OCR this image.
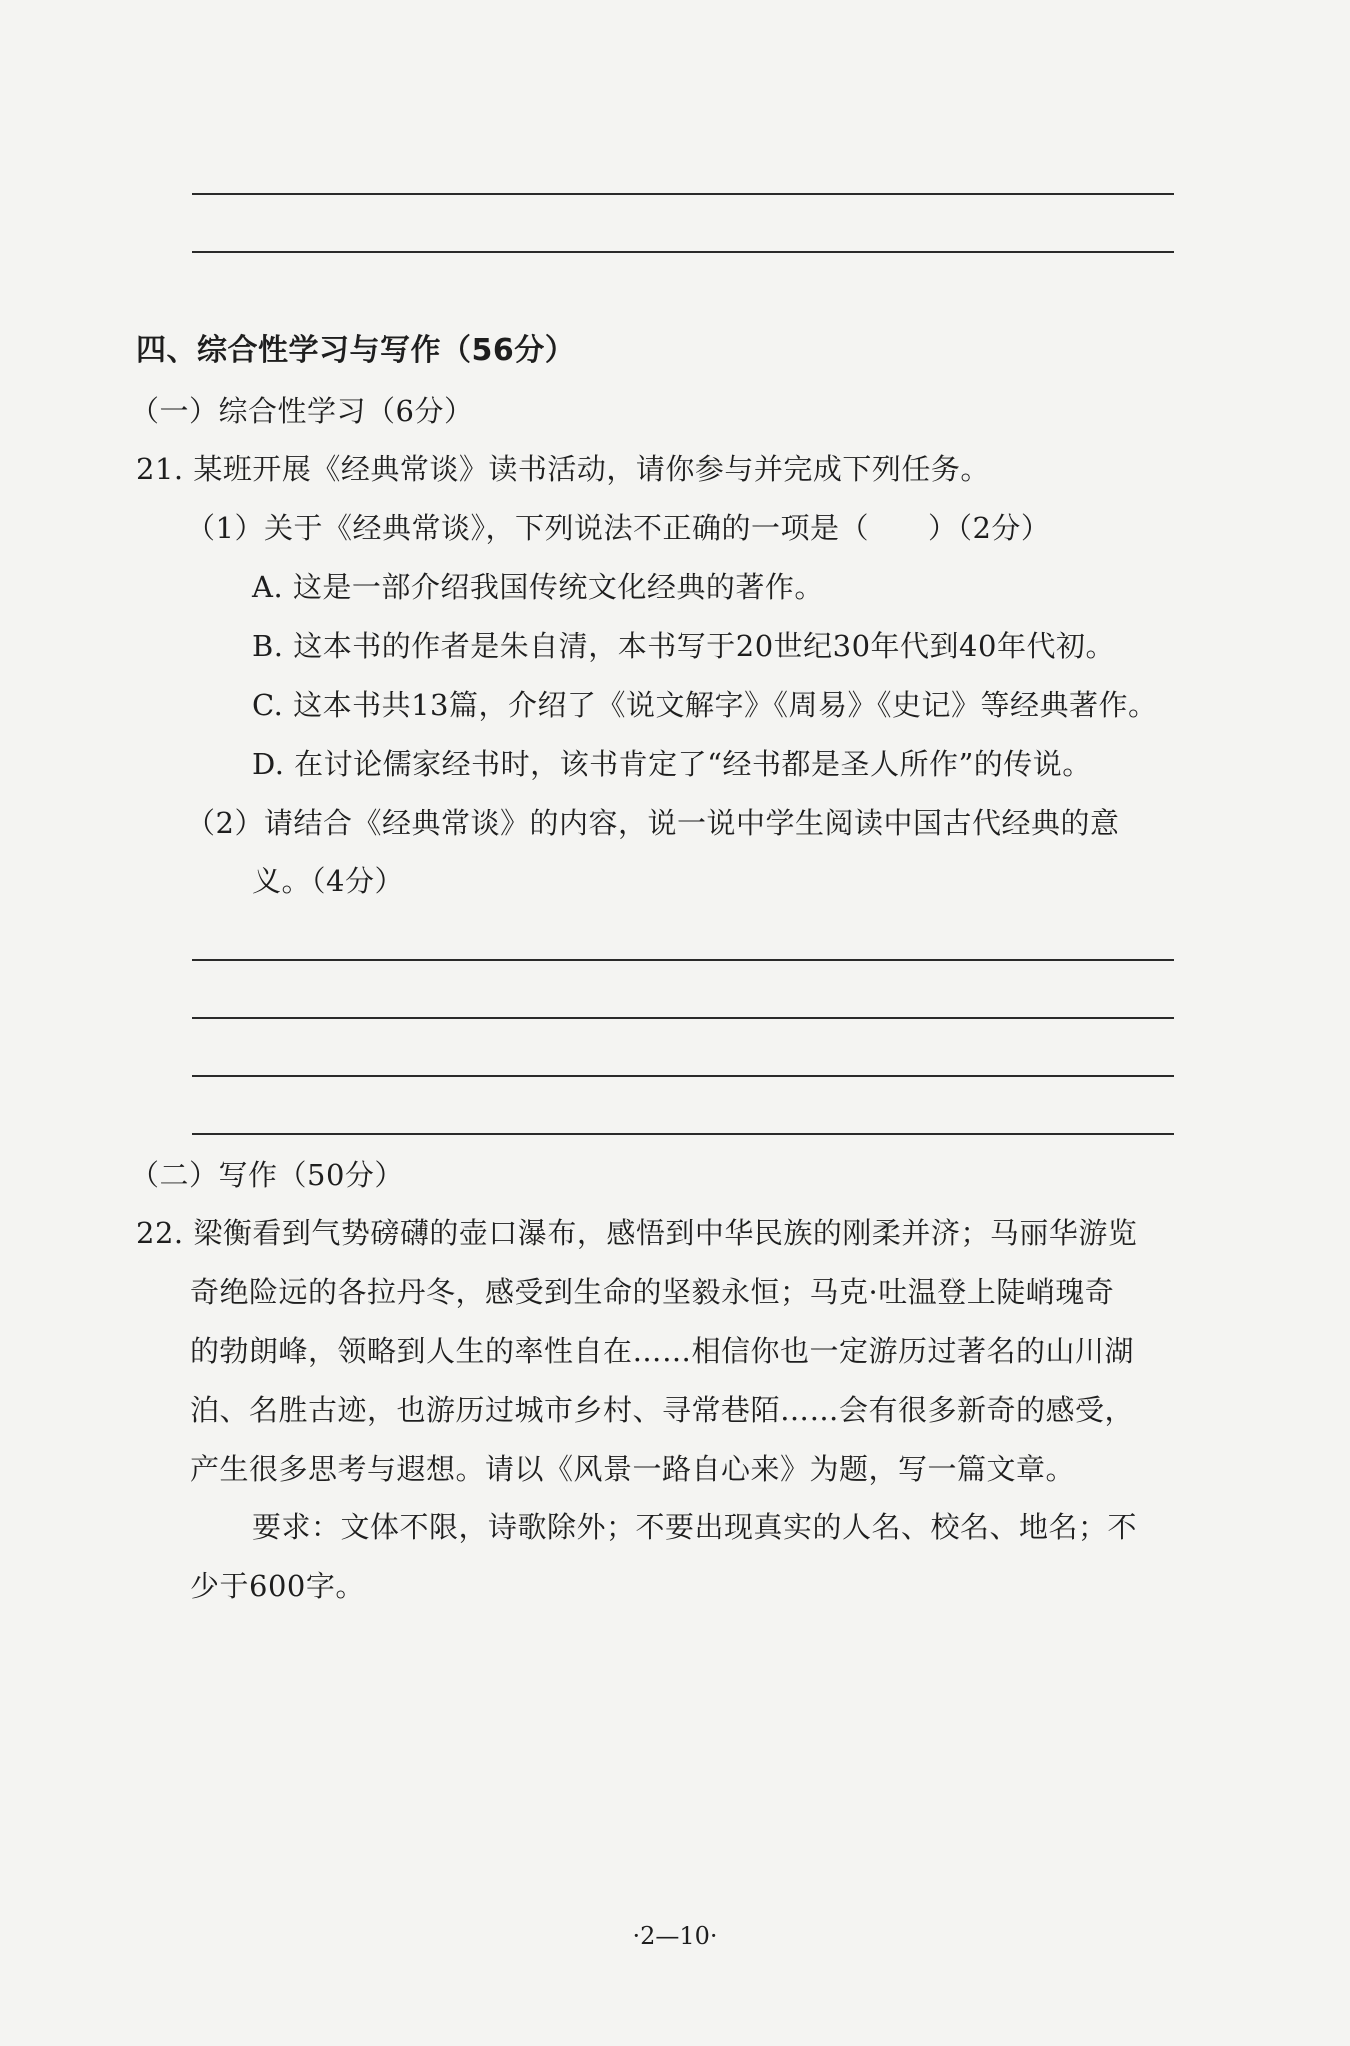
四、综合性学习与写作（56分）
（一）综合性学习（6分）
21. 某班开展《经典常谈》读书活动，请你参与并完成下列任务。
（1）关于《经典常谈》，下列说法不正确的一项是（　　）（2分）
A. 这是一部介绍我国传统文化经典的著作。
B. 这本书的作者是朱自清，本书写于20世纪30年代到40年代初。
C. 这本书共13篇，介绍了《说文解字》《周易》《史记》等经典著作。
D. 在讨论儒家经书时，该书肯定了“经书都是圣人所作”的传说。
（2）请结合《经典常谈》的内容，说一说中学生阅读中国古代经典的意
义。（4分）
（二）写作（50分）
22. 梁衡看到气势磅礴的壶口瀑布，感悟到中华民族的刚柔并济；马丽华游览
奇绝险远的各拉丹冬，感受到生命的坚毅永恒；马克·吐温登上陡峭瑰奇
的勃朗峰，领略到人生的率性自在……相信你也一定游历过著名的山川湖
泊、名胜古迹，也游历过城市乡村、寻常巷陌……会有很多新奇的感受，
产生很多思考与遐想。请以《风景一路自心来》为题，写一篇文章。
要求：文体不限，诗歌除外；不要出现真实的人名、校名、地名；不
少于600字。
·2—10·
